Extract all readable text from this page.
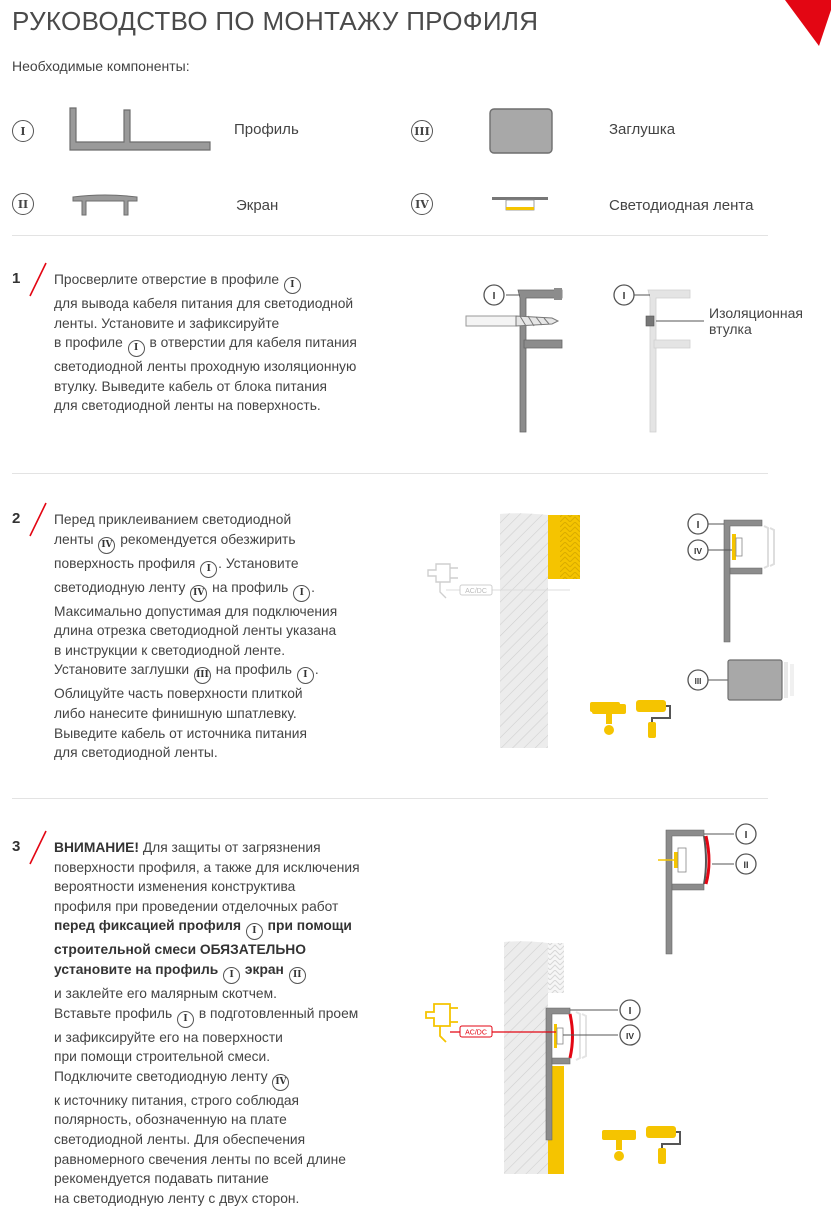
РУКОВОДСТВО ПО МОНТАЖУ ПРОФИЛЯ
Необходимые компоненты:
I	Профиль	III	Заглушка
II	Экран	IV	Светодиодная лента
1 Просверлите отверстие в профиле I
для вывода кабеля питания для светодиодной
ленты. Установите и зафиксируйте
в профиле I в отверстии для кабеля питания
светодиодной ленты проходную изоляционную
втулку. Выведите кабель от блока питания
для светодиодной ленты на поверхность.
I	I
Изоляционная
втулка
2 Перед приклеиванием светодиодной
ленты IV рекомендуется обезжирить
поверхность профиля I . Установите
светодиодную ленту IV на профиль I .
Максимально допустимая для подключения
длина отрезка светодиодной ленты указана
в инструкции к светодиодной ленте.
Установите заглушки III на профиль I .
Облицуйте часть поверхности плиткой
либо нанесите финишную шпатлевку.
Выведите кабель от источника питания
для светодиодной ленты.
AC/DC
I
IV
III
3 ВНИМАНИЕ! Для защиты от загрязнения
поверхности профиля, а также для исключения
вероятности изменения конструктива
профиля при проведении отделочных работ
перед фиксацией профиля I при помощи
строительной смеси ОБЯЗАТЕЛЬНО
установите на профиль I экран II
и заклейте его малярным скотчем.
Вставьте профиль I в подготовленный проем
и зафиксируйте его на поверхности
при помощи строительной смеси.
Подключите светодиодную ленту IV
к источнику питания, строго соблюдая
полярность, обозначенную на плате
светодиодной ленты. Для обеспечения
равномерного свечения ленты по всей длине
рекомендуется подавать питание
на светодиодную ленту с двух сторон.
I
II
AC/DC
I
IV
